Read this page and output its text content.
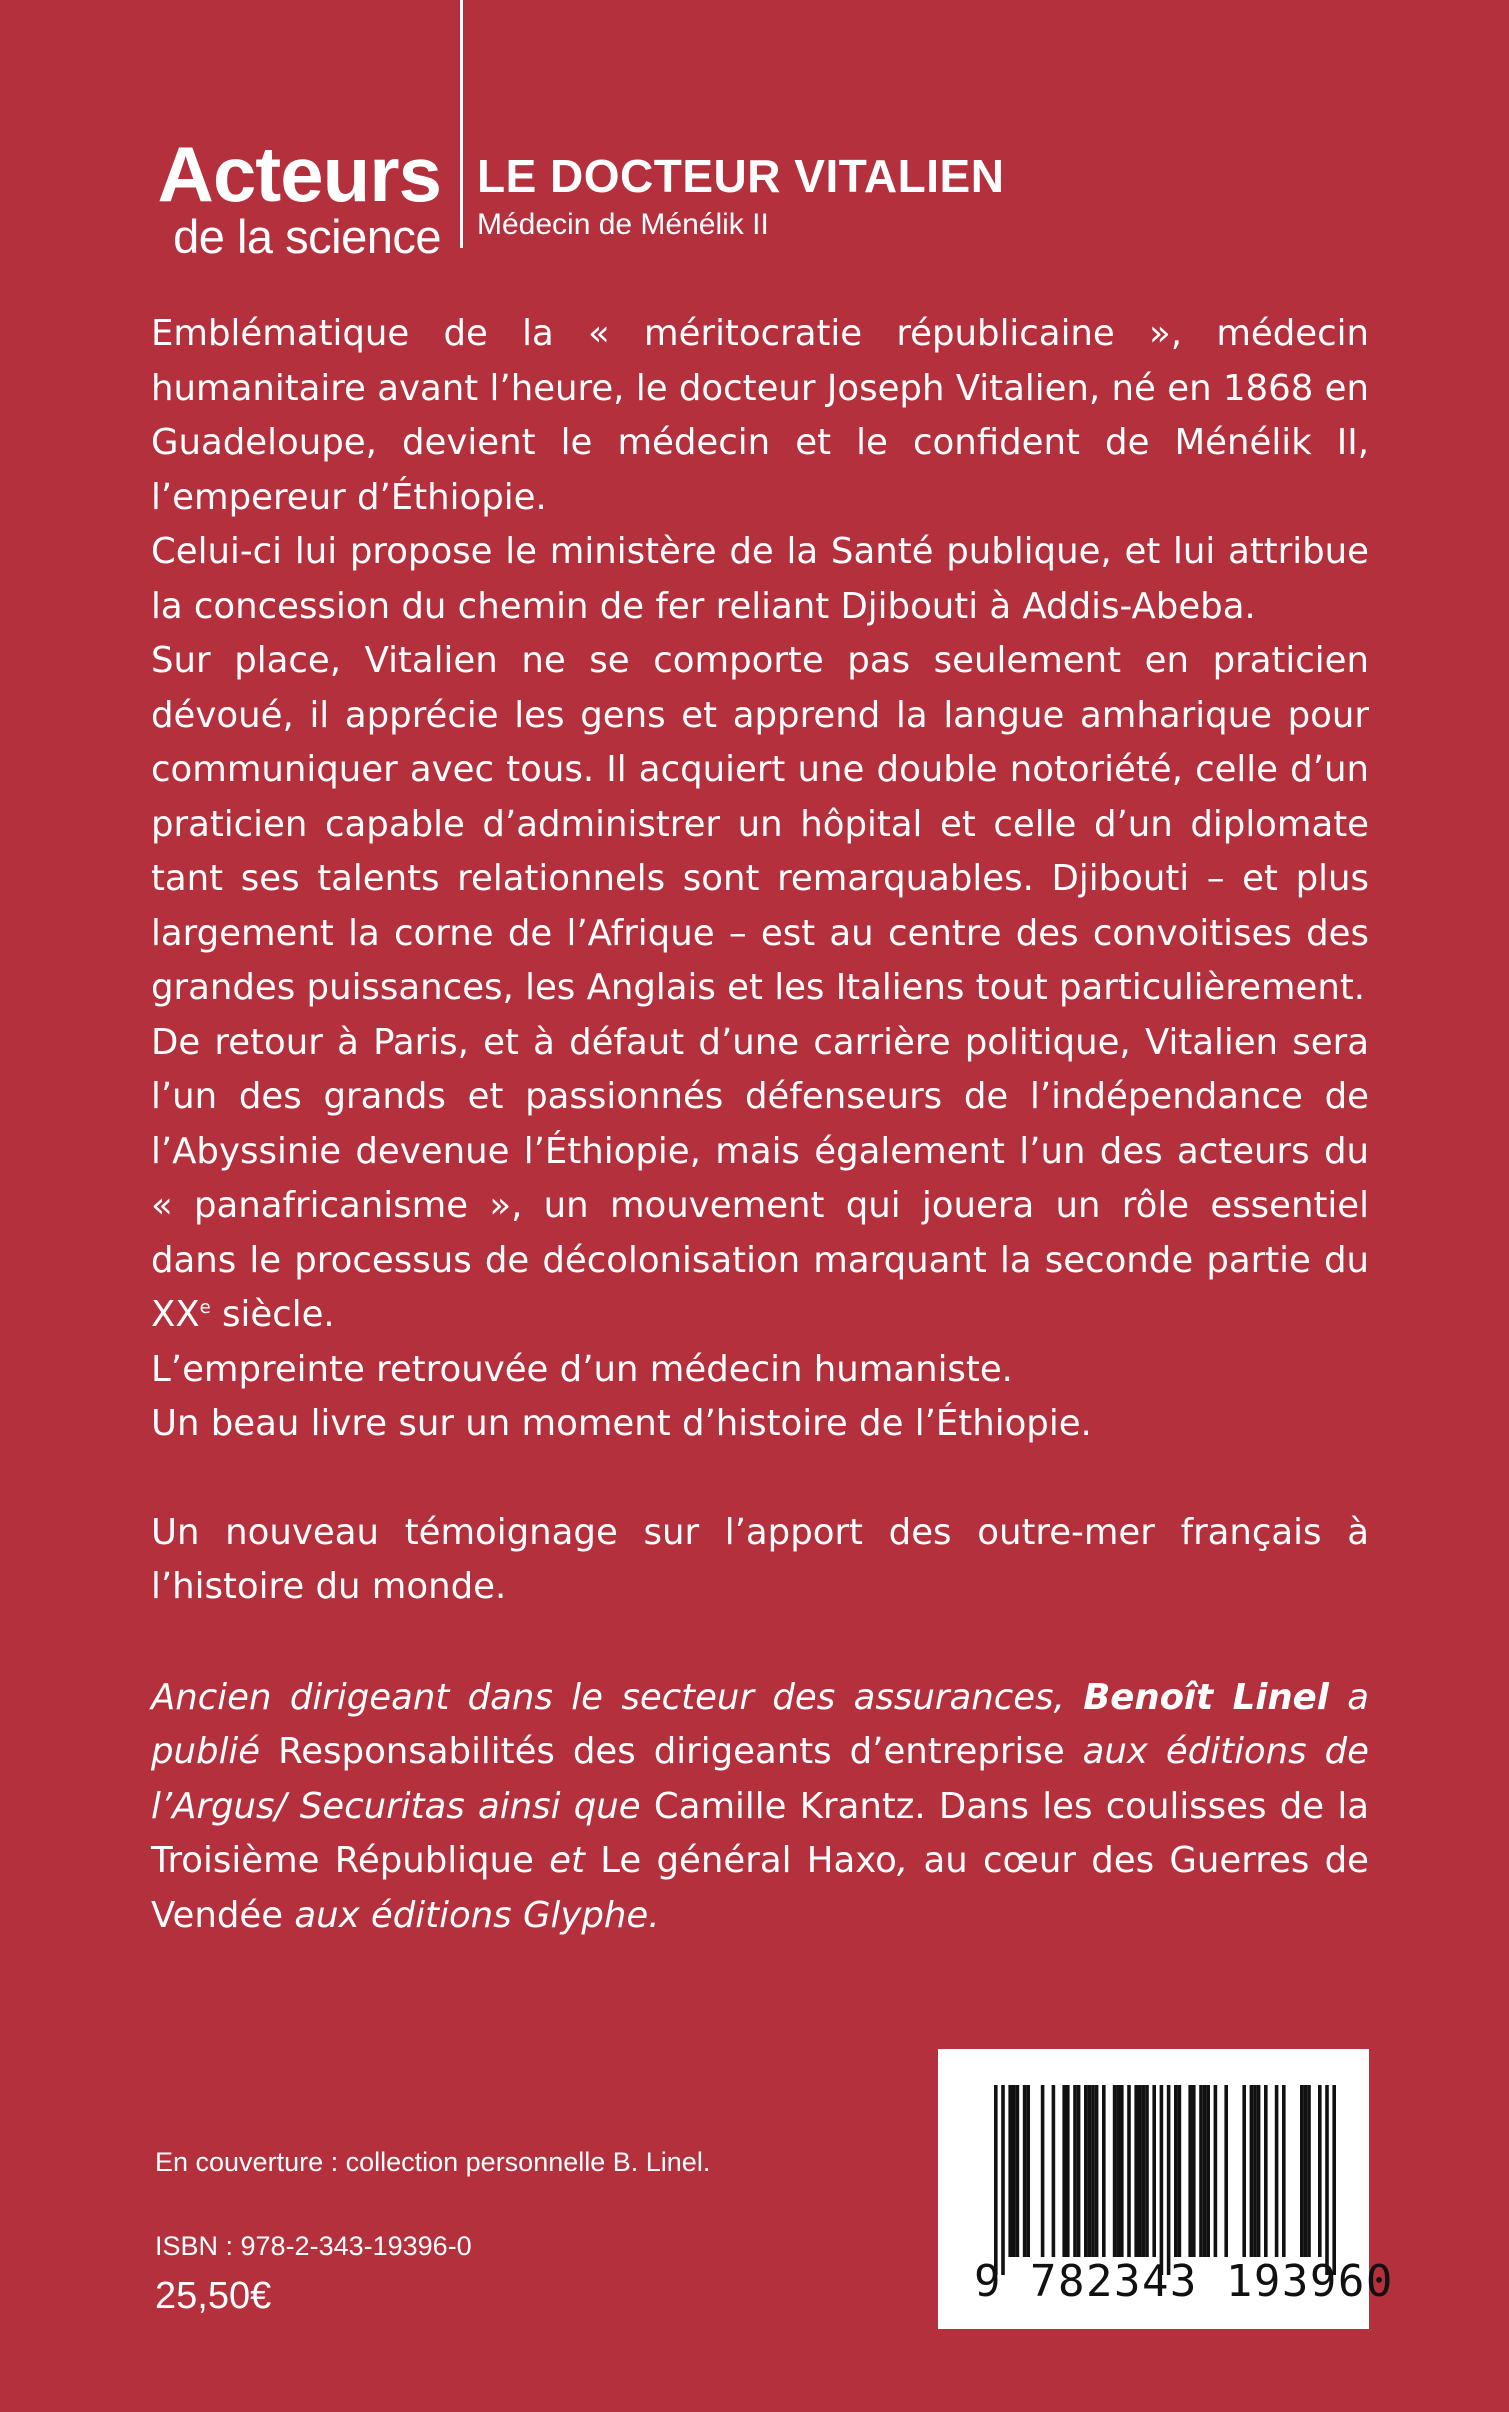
Acteurs
de la science
LE DOCTEUR VITALIEN
Médecin de Ménélik II

Emblématique de la « méritocratie républicaine », médecin humanitaire avant l’heure, le docteur Joseph Vitalien, né en 1868 en Guadeloupe, devient le médecin et le confident de Ménélik II, l’empereur d’Éthiopie.

Celui-ci lui propose le ministère de la Santé publique, et lui attribue la concession du chemin de fer reliant Djibouti à Addis-Abeba.

Sur place, Vitalien ne se comporte pas seulement en praticien dévoué, il apprécie les gens et apprend la langue amharique pour communiquer avec tous. Il acquiert une double notoriété, celle d’un praticien capable d’administrer un hôpital et celle d’un diplomate tant ses talents relationnels sont remarquables. Djibouti – et plus largement la corne de l’Afrique – est au centre des convoitises des grandes puissances, les Anglais et les Italiens tout particulièrement.

De retour à Paris, et à défaut d’une carrière politique, Vitalien sera l’un des grands et passionnés défenseurs de l’indépendance de l’Abyssinie devenue l’Éthiopie, mais également l’un des acteurs du « panafricanisme », un mouvement qui jouera un rôle essentiel dans le processus de décolonisation marquant la seconde partie du XXe siècle.

L’empreinte retrouvée d’un médecin humaniste.

Un beau livre sur un moment d’histoire de l’Éthiopie.

Un nouveau témoignage sur l’apport des outre-mer français à l’histoire du monde.

Ancien dirigeant dans le secteur des assurances, Benoît Linel a publié Responsabilités des dirigeants d’entreprise aux éditions de l’Argus/ Securitas ainsi que Camille Krantz. Dans les coulisses de la Troisième République et Le général Haxo, au cœur des Guerres de Vendée aux éditions Glyphe.

En couverture : collection personnelle B. Linel.
ISBN : 978-2-343-19396-0
25,50€	9 782343 193960
